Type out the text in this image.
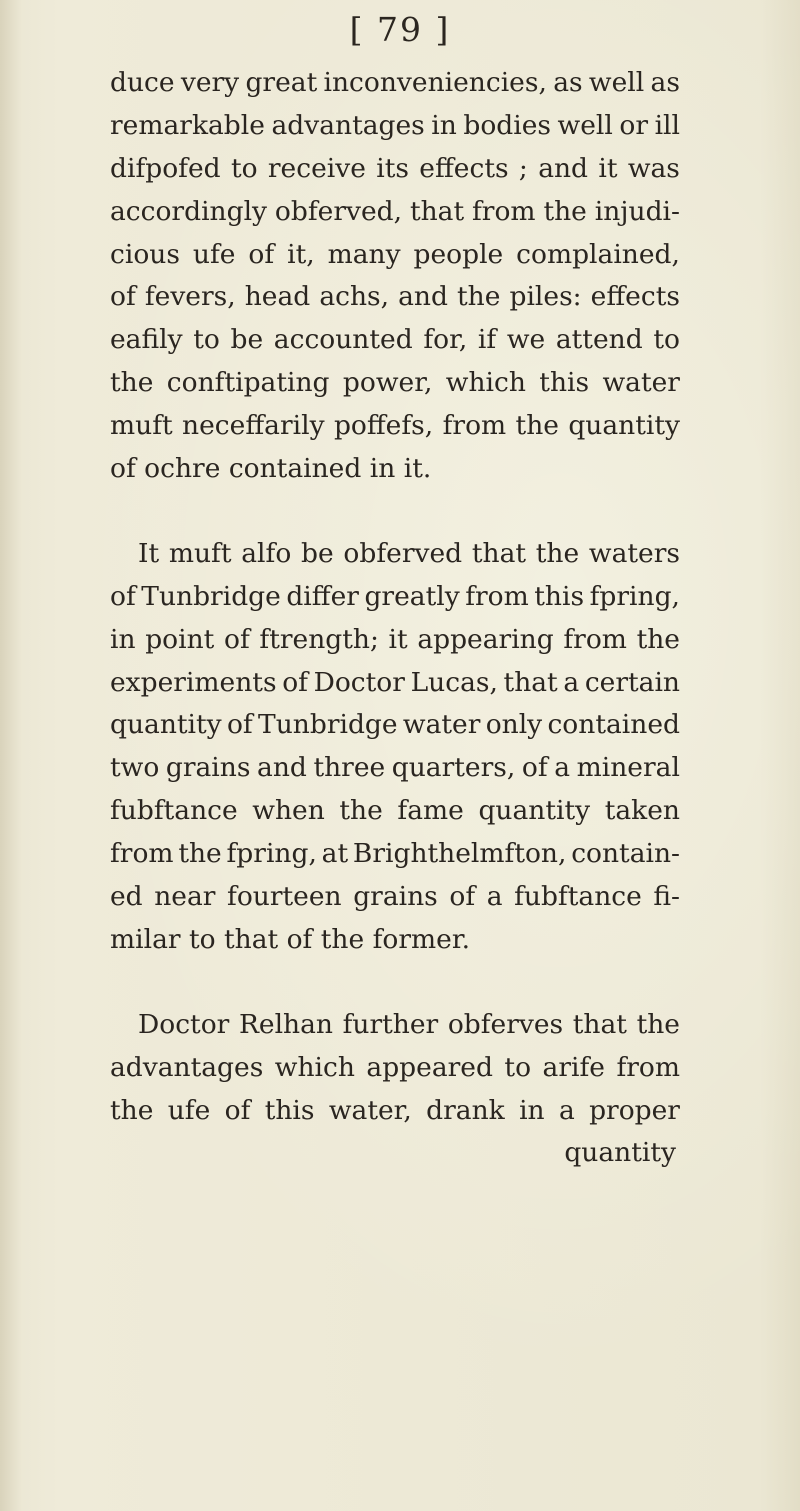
[ 79 ]
duce very great inconveniencies, as well as
remarkable advantages in bodies well or ill
difpofed to receive its effects ; and it was
accordingly obferved, that from the injudi-
cious ufe of it, many people complained,
of fevers, head achs, and the piles: effects
eafily to be accounted for, if we attend to
the conftipating power, which this water
muft neceffarily poffefs, from the quantity
of ochre contained in it.
It muft alfo be obferved that the waters
of Tunbridge differ greatly from this fpring,
in point of ftrength; it appearing from the
experiments of Doctor Lucas, that a certain
quantity of Tunbridge water only contained
two grains and three quarters, of a mineral
fubftance when the fame quantity taken
from the fpring, at Brighthelmfton, contain-
ed near fourteen grains of a fubftance fi-
milar to that of the former.
Doctor Relhan further obferves that the
advantages which appeared to arife from
the ufe of this water, drank in a proper
quantity
